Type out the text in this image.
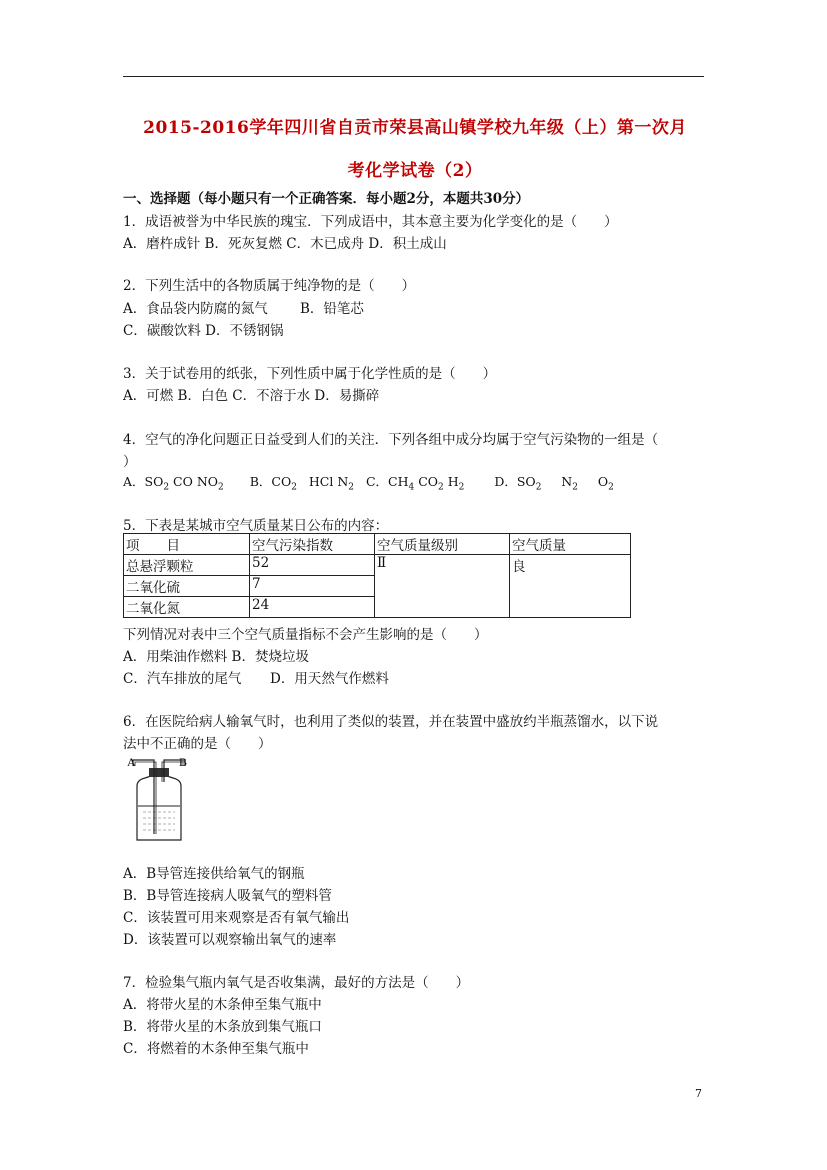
2015-2016学年四川省自贡市荣县高山镇学校九年级（上）第一次月
考化学试卷（2）
一、选择题（每小题只有一个正确答案．每小题2分，本题共30分）
1．成语被誉为中华民族的瑰宝．下列成语中，其本意主要为化学变化的是（　　）
A．磨杵成针 B．死灰复燃 C．木已成舟 D．积土成山
2．下列生活中的各物质属于纯净物的是（　　）
A．食品袋内防腐的氮气 B．铅笔芯
C．碳酸饮料 D．不锈钢锅
3．关于试卷用的纸张，下列性质中属于化学性质的是（　　）
A．可燃 B．白色 C．不溶于水 D．易撕碎
4．空气的净化问题正日益受到人们的关注．下列各组中成分均属于空气污染物的一组是（
）
A．$SO_2$ CO $NO_2$ B．$CO_2$ HCl $N_2$ C．$CH_4$ $CO_2$ $H_2$ D．$SO_2$ $N_2$ $O_2$
5．下表是某城市空气质量某日公布的内容：
项　　目	空气污染指数	空气质量级别	空气质量
总悬浮颗粒	52	Ⅱ	良
二氧化硫	7		
二氧化氮	24		
下列情况对表中三个空气质量指标不会产生影响的是（　　）
A．用柴油作燃料 B．焚烧垃圾
C．汽车排放的尾气 D．用天然气作燃料
6．在医院给病人输氧气时，也利用了类似的装置，并在装置中盛放约半瓶蒸馏水，以下说
法中不正确的是（　　）
A	B
A．B导管连接供给氧气的钢瓶
B．B导管连接病人吸氧气的塑料管
C．该装置可用来观察是否有氧气输出
D．该装置可以观察输出氧气的速率
7．检验集气瓶内氧气是否收集满，最好的方法是（　　）
A．将带火星的木条伸至集气瓶中
B．将带火星的木条放到集气瓶口
C．将燃着的木条伸至集气瓶中
7
